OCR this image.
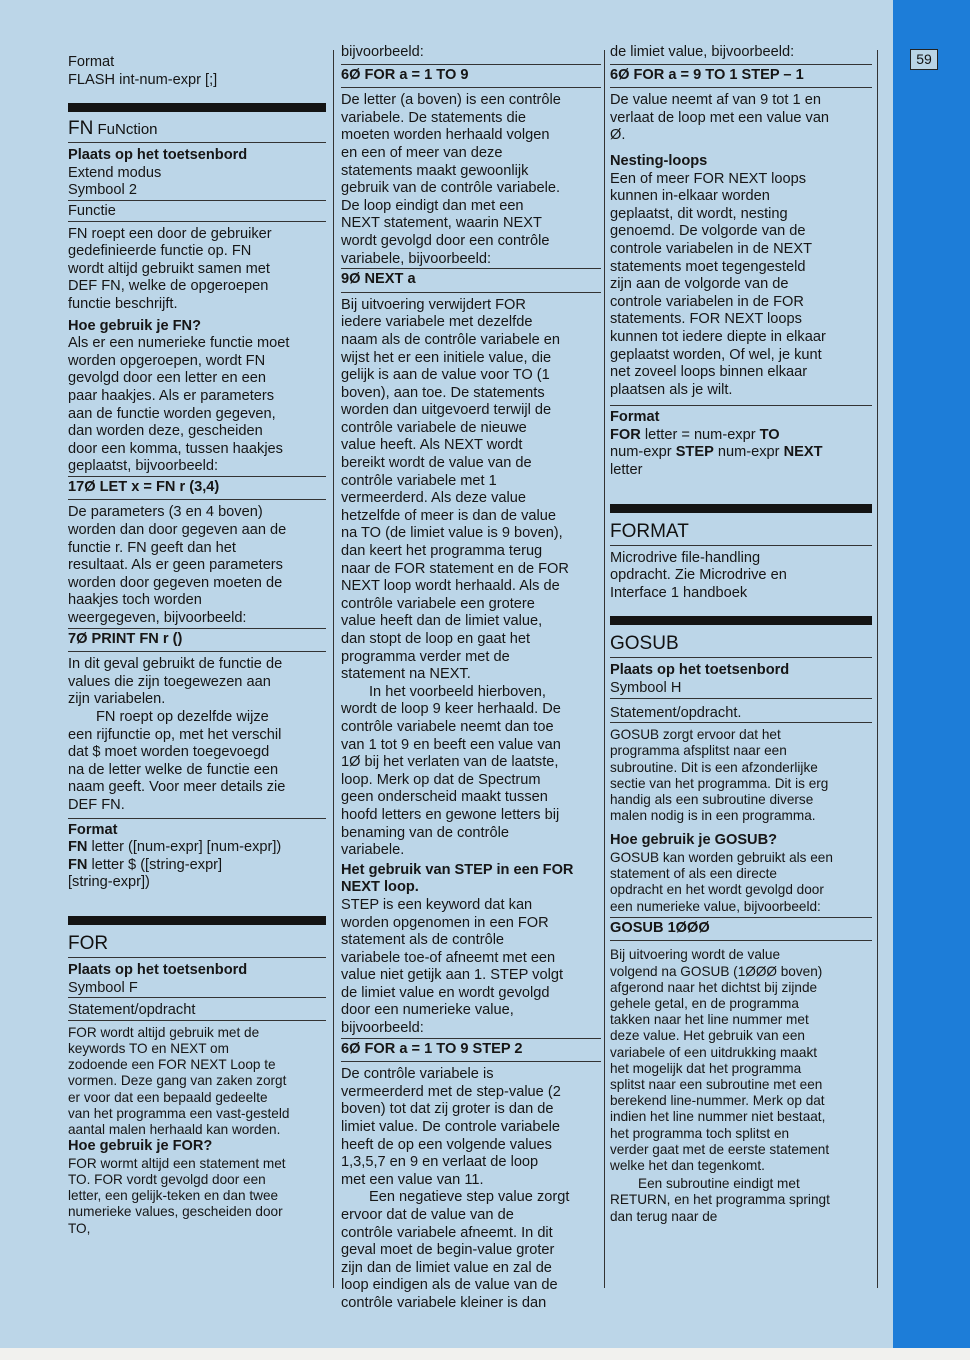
59
Format
FLASH int-num-expr [;]
FN FuNction
Plaats op het toetsenbord
Extend modus
Symbool 2
Functie
FN roept een door de gebruiker
gedefinieerde functie op. FN
wordt altijd gebruikt samen met
DEF FN, welke de opgeroepen
functie beschrijft.
Hoe gebruik je FN?
Als er een numerieke functie moet
worden opgeroepen, wordt FN
gevolgd door een letter en een
paar haakjes. Als er parameters
aan de functie worden gegeven,
dan worden deze, gescheiden
door een komma, tussen haakjes
geplaatst, bijvoorbeeld:
17Ø LET x = FN r (3,4)
De parameters (3 en 4 boven)
worden dan door gegeven aan de
functie r. FN geeft dan het
resultaat. Als er geen parameters
worden door gegeven moeten de
haakjes toch worden
weergegeven, bijvoorbeeld:
7Ø PRINT FN r ()
In dit geval gebruikt de functie de
values die zijn toegewezen aan
zijn variabelen.
FN roept op dezelfde wijze
een rijfunctie op, met het verschil
dat $ moet worden toegevoegd
na de letter welke de functie een
naam geeft. Voor meer details zie
DEF FN.
Format
FN letter ([num-expr] [num-expr])
FN letter $ ([string-expr]
[string-expr])
FOR
Plaats op het toetsenbord
Symbool F
Statement/opdracht
FOR wordt altijd gebruik met de
keywords TO en NEXT om
zodoende een FOR NEXT Loop te
vormen. Deze gang van zaken zorgt
er voor dat een bepaald gedeelte
van het programma een vast-gesteld
aantal malen herhaald kan worden.
Hoe gebruik je FOR?
FOR wormt altijd een statement met
TO. FOR vordt gevolgd door een
letter, een gelijk-teken en dan twee
numerieke values, gescheiden door
TO,
bijvoorbeeld:
6Ø FOR a = 1 TO 9
De letter (a boven) is een contrôle
variabele. De statements die
moeten worden herhaald volgen
en een of meer van deze
statements maakt gewoonlijk
gebruik van de contrôle variabele.
De loop eindigt dan met een
NEXT statement, waarin NEXT
wordt gevolgd door een contrôle
variabele, bijvoorbeeld:
9Ø NEXT a
Bij uitvoering verwijdert FOR
iedere variabele met dezelfde
naam als de contrôle variabele en
wijst het er een initiele value, die
gelijk is aan de value voor TO (1
boven), aan toe. De statements
worden dan uitgevoerd terwijl de
contrôle variabele de nieuwe
value heeft. Als NEXT wordt
bereikt wordt de value van de
contrôle variabele met 1
vermeerderd. Als deze value
hetzelfde of meer is dan de value
na TO (de limiet value is 9 boven),
dan keert het programma terug
naar de FOR statement en de FOR
NEXT loop wordt herhaald. Als de
contrôle variabele een grotere
value heeft dan de limiet value,
dan stopt de loop en gaat het
programma verder met de
statement na NEXT.
In het voorbeeld hierboven,
wordt de loop 9 keer herhaald. De
contrôle variabele neemt dan toe
van 1 tot 9 en beeft een value van
1Ø bij het verlaten van de laatste,
loop. Merk op dat de Spectrum
geen onderscheid maakt tussen
hoofd letters en gewone letters bij
benaming van de contrôle
variabele.
Het gebruik van STEP in een FOR
NEXT loop.
STEP is een keyword dat kan
worden opgenomen in een FOR
statement als de contrôle
variabele toe-of afneemt met een
value niet getijk aan 1. STEP volgt
de limiet value en wordt gevolgd
door een numerieke value,
bijvoorbeeld:
6Ø FOR a = 1 TO 9 STEP 2
De contrôle variabele is
vermeerderd met de step-value (2
boven) tot dat zij groter is dan de
limiet value. De controle variabele
heeft de op een volgende values
1,3,5,7 en 9 en verlaat de loop
met een value van 11.
Een negatieve step value zorgt
ervoor dat de value van de
contrôle variabele afneemt. In dit
geval moet de begin-value groter
zijn dan de limiet value en zal de
loop eindigen als de value van de
contrôle variabele kleiner is dan
de limiet value, bijvoorbeeld:
6Ø FOR a = 9 TO 1 STEP – 1
De value neemt af van 9 tot 1 en
verlaat de loop met een value van
Ø.
Nesting-loops
Een of meer FOR NEXT loops
kunnen in-elkaar worden
geplaatst, dit wordt, nesting
genoemd. De volgorde van de
controle variabelen in de NEXT
statements moet tegengesteld
zijn aan de volgorde van de
controle variabelen in de FOR
statements. FOR NEXT loops
kunnen tot iedere diepte in elkaar
geplaatst worden, Of wel, je kunt
net zoveel loops binnen elkaar
plaatsen als je wilt.
Format
FOR letter = num-expr TO
num-expr STEP num-expr NEXT
letter
FORMAT
Microdrive file-handling
opdracht. Zie Microdrive en
Interface 1 handboek
GOSUB
Plaats op het toetsenbord
Symbool H
Statement/opdracht.
GOSUB zorgt ervoor dat het
programma afsplitst naar een
subroutine. Dit is een afzonderlijke
sectie van het programma. Dit is erg
handig als een subroutine diverse
malen nodig is in een programma.
Hoe gebruik je GOSUB?
GOSUB kan worden gebruikt als een
statement of als een directe
opdracht en het wordt gevolgd door
een numerieke value, bijvoorbeeld:
GOSUB 1ØØØ
Bij uitvoering wordt de value
volgend na GOSUB (1ØØØ boven)
afgerond naar het dichtst bij zijnde
gehele getal, en de programma
takken naar het line nummer met
deze value. Het gebruik van een
variabele of een uitdrukking maakt
het mogelijk dat het programma
splitst naar een subroutine met een
berekend line-nummer. Merk op dat
indien het line nummer niet bestaat,
het programma toch splitst en
verder gaat met de eerste statement
welke het dan tegenkomt.
Een subroutine eindigt met
RETURN, en het programma springt
dan terug naar de
